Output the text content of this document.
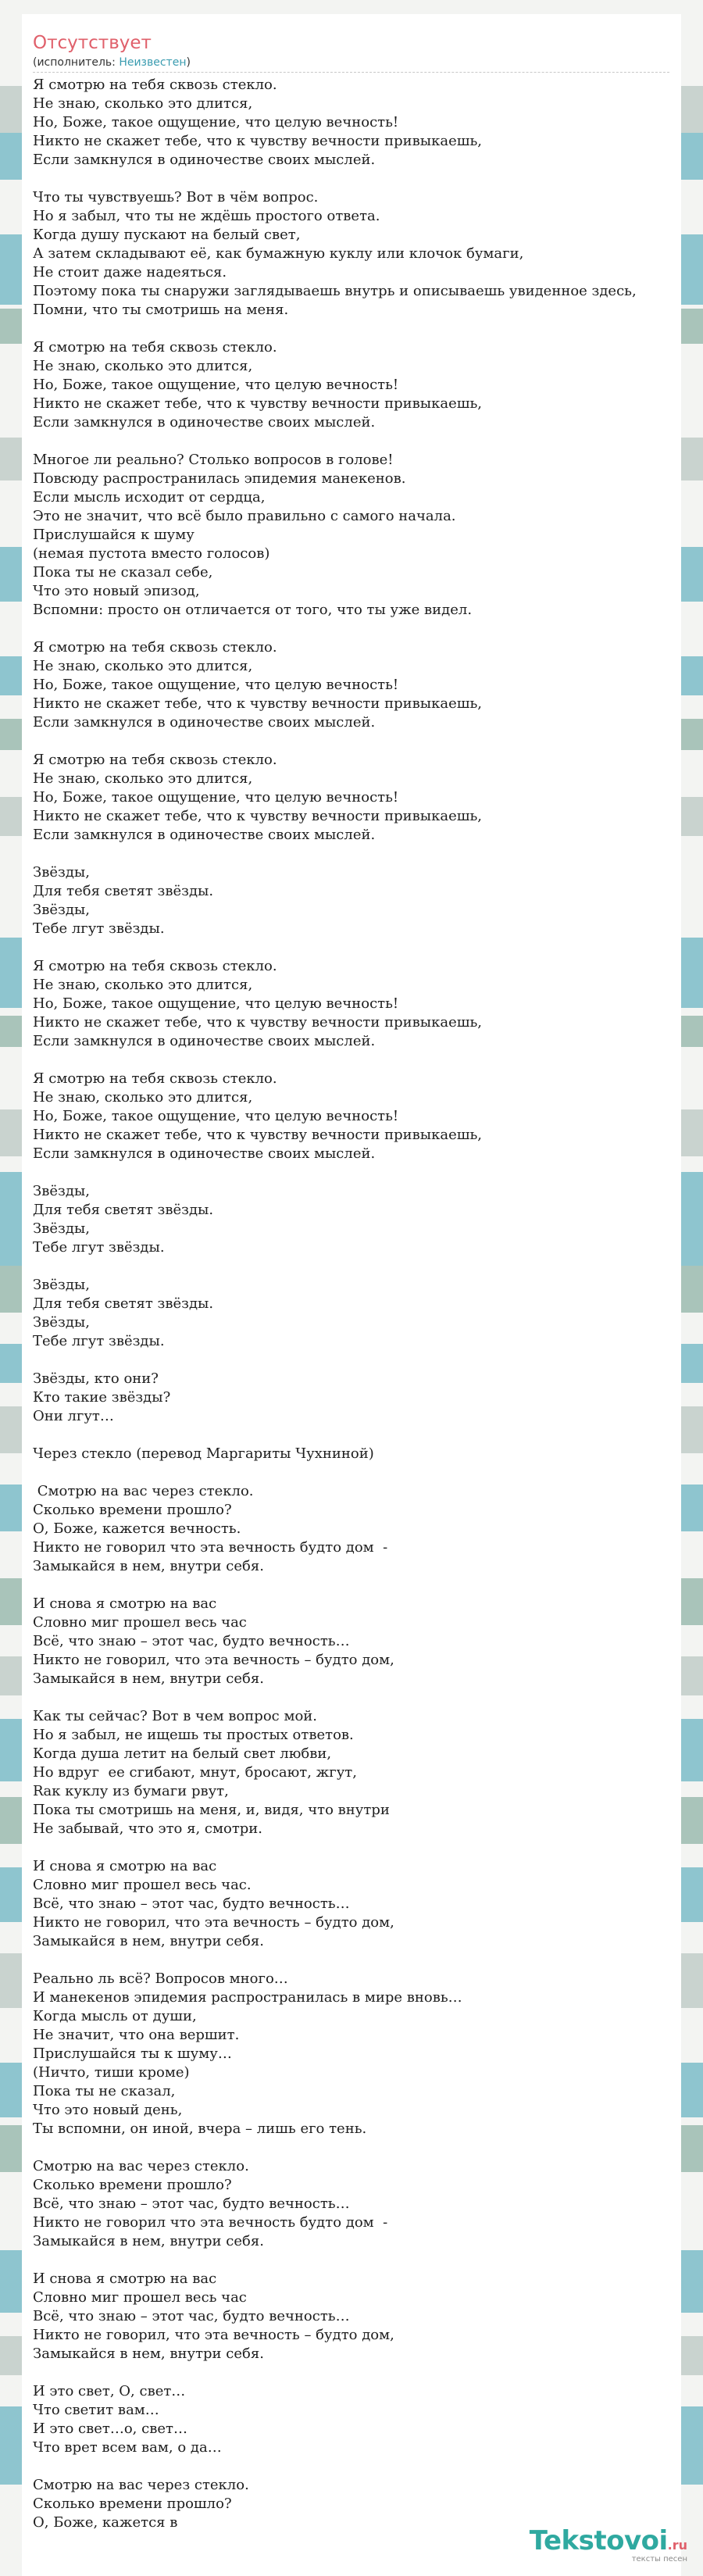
Отсутствует
(исполнитель: Неизвестен)
Я смотрю на тебя сквозь стекло.
Не знаю, сколько это длится,
Но, Боже, такое ощущение, что целую вечность!
Никто не скажет тебе, что к чувству вечности привыкаешь,
Если замкнулся в одиночестве своих мыслей.

Что ты чувствуешь? Вот в чём вопрос.
Но я забыл, что ты не ждёшь простого ответа.
Когда душу пускают на белый свет,
А затем складывают её, как бумажную куклу или клочок бумаги,
Не стоит даже надеяться.
Поэтому пока ты снаружи заглядываешь внутрь и описываешь увиденное здесь,
Помни, что ты смотришь на меня.

Я смотрю на тебя сквозь стекло.
Не знаю, сколько это длится,
Но, Боже, такое ощущение, что целую вечность!
Никто не скажет тебе, что к чувству вечности привыкаешь,
Если замкнулся в одиночестве своих мыслей.

Многое ли реально? Столько вопросов в голове!
Повсюду распространилась эпидемия манекенов.
Если мысль исходит от сердца,
Это не значит, что всё было правильно с самого начала.
Прислушайся к шуму
(немая пустота вместо голосов)
Пока ты не сказал себе,
Что это новый эпизод,
Вспомни: просто он отличается от того, что ты уже видел.

Я смотрю на тебя сквозь стекло.
Не знаю, сколько это длится,
Но, Боже, такое ощущение, что целую вечность!
Никто не скажет тебе, что к чувству вечности привыкаешь,
Если замкнулся в одиночестве своих мыслей.

Я смотрю на тебя сквозь стекло.
Не знаю, сколько это длится,
Но, Боже, такое ощущение, что целую вечность!
Никто не скажет тебе, что к чувству вечности привыкаешь,
Если замкнулся в одиночестве своих мыслей.

Звёзды,
Для тебя светят звёзды.
Звёзды,
Тебе лгут звёзды.

Я смотрю на тебя сквозь стекло.
Не знаю, сколько это длится,
Но, Боже, такое ощущение, что целую вечность!
Никто не скажет тебе, что к чувству вечности привыкаешь,
Если замкнулся в одиночестве своих мыслей.

Я смотрю на тебя сквозь стекло.
Не знаю, сколько это длится,
Но, Боже, такое ощущение, что целую вечность!
Никто не скажет тебе, что к чувству вечности привыкаешь,
Если замкнулся в одиночестве своих мыслей.

Звёзды,
Для тебя светят звёзды.
Звёзды,
Тебе лгут звёзды.

Звёзды,
Для тебя светят звёзды.
Звёзды,
Тебе лгут звёзды.

Звёзды, кто они?
Кто такие звёзды?
Они лгут…

Через стекло (перевод Маргариты Чухниной)

Смотрю на вас через стекло.
Сколько времени прошло?
О, Боже, кажется вечность.
Никто не говорил что эта вечность будто дом  -
Замыкайся в нем, внутри себя.

И снова я смотрю на вас
Словно миг прошел весь час
Всё, что знаю – этот час, будто вечность…
Никто не говорил, что эта вечность – будто дом,
Замыкайся в нем, внутри себя.

Как ты сейчас? Вот в чем вопрос мой.
Но я забыл, не ищешь ты простых ответов.
Когда душа летит на белый свет любви,
Но вдруг  ее сгибают, мнут, бросают, жгут,
Rак куклу из бумаги рвут,
Пока ты смотришь на меня, и, видя, что внутри
Не забывай, что это я, смотри.

И снова я смотрю на вас
Словно миг прошел весь час.
Всё, что знаю – этот час, будто вечность…
Никто не говорил, что эта вечность – будто дом,
Замыкайся в нем, внутри себя.

Реально ль всё? Вопросов много…
И манекенов эпидемия распространилась в мире вновь…
Когда мысль от души,
Не значит, что она вершит.
Прислушайся ты к шуму…
(Ничто, тиши кроме)
Пока ты не сказал,
Что это новый день,
Ты вспомни, он иной, вчера – лишь его тень.

Смотрю на вас через стекло.
Сколько времени прошло?
Всё, что знаю – этот час, будто вечность…
Никто не говорил что эта вечность будто дом  -
Замыкайся в нем, внутри себя.

И снова я смотрю на вас
Словно миг прошел весь час
Всё, что знаю – этот час, будто вечность…
Никто не говорил, что эта вечность – будто дом,
Замыкайся в нем, внутри себя.

И это свет, О, свет…
Что светит вам…
И это свет…о, свет…
Что врет всем вам, о да…

Смотрю на вас через стекло.
Сколько времени прошло?
О, Боже, кажется в
Tekstovoi.ru
тексты песен
